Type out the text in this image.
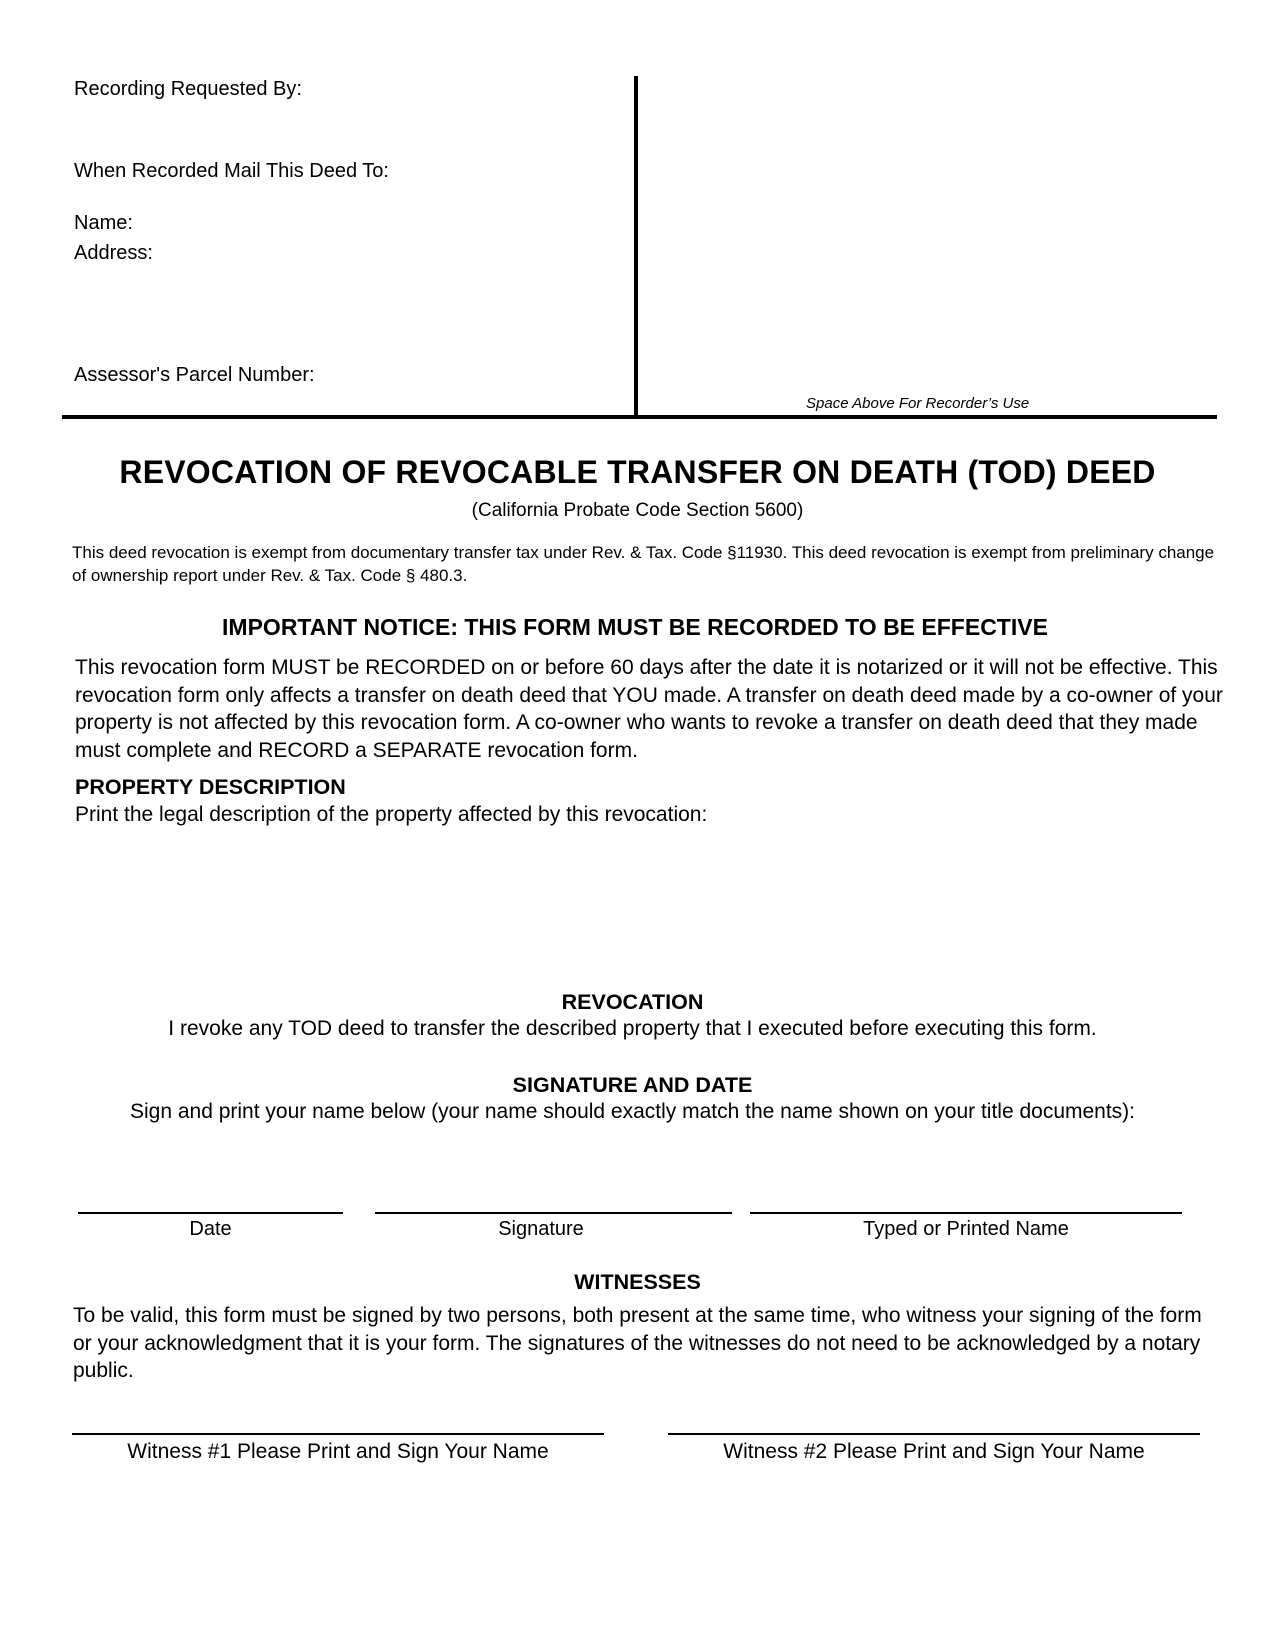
Recording Requested By:
When Recorded Mail This Deed To:
Name:
Address:
Assessor's Parcel Number:
Space Above For Recorder’s Use
REVOCATION OF REVOCABLE TRANSFER ON DEATH (TOD) DEED
(California Probate Code Section 5600)
This deed revocation is exempt from documentary transfer tax under Rev. & Tax. Code §11930. This deed revocation is exempt from preliminary change of ownership report under Rev. & Tax. Code § 480.3.
IMPORTANT NOTICE: THIS FORM MUST BE RECORDED TO BE EFFECTIVE
This revocation form MUST be RECORDED on or before 60 days after the date it is notarized or it will not be effective. This revocation form only affects a transfer on death deed that YOU made. A transfer on death deed made by a co-owner of your property is not affected by this revocation form. A co-owner who wants to revoke a transfer on death deed that they made must complete and RECORD a SEPARATE revocation form.
PROPERTY DESCRIPTION
Print the legal description of the property affected by this revocation:
REVOCATION
I revoke any TOD deed to transfer the described property that I executed before executing this form.
SIGNATURE AND DATE
Sign and print your name below (your name should exactly match the name shown on your title documents):
Date	Signature	Typed or Printed Name
WITNESSES
To be valid, this form must be signed by two persons, both present at the same time, who witness your signing of the form or your acknowledgment that it is your form. The signatures of the witnesses do not need to be acknowledged by a notary public.
Witness #1 Please Print and Sign Your Name	Witness #2 Please Print and Sign Your Name
